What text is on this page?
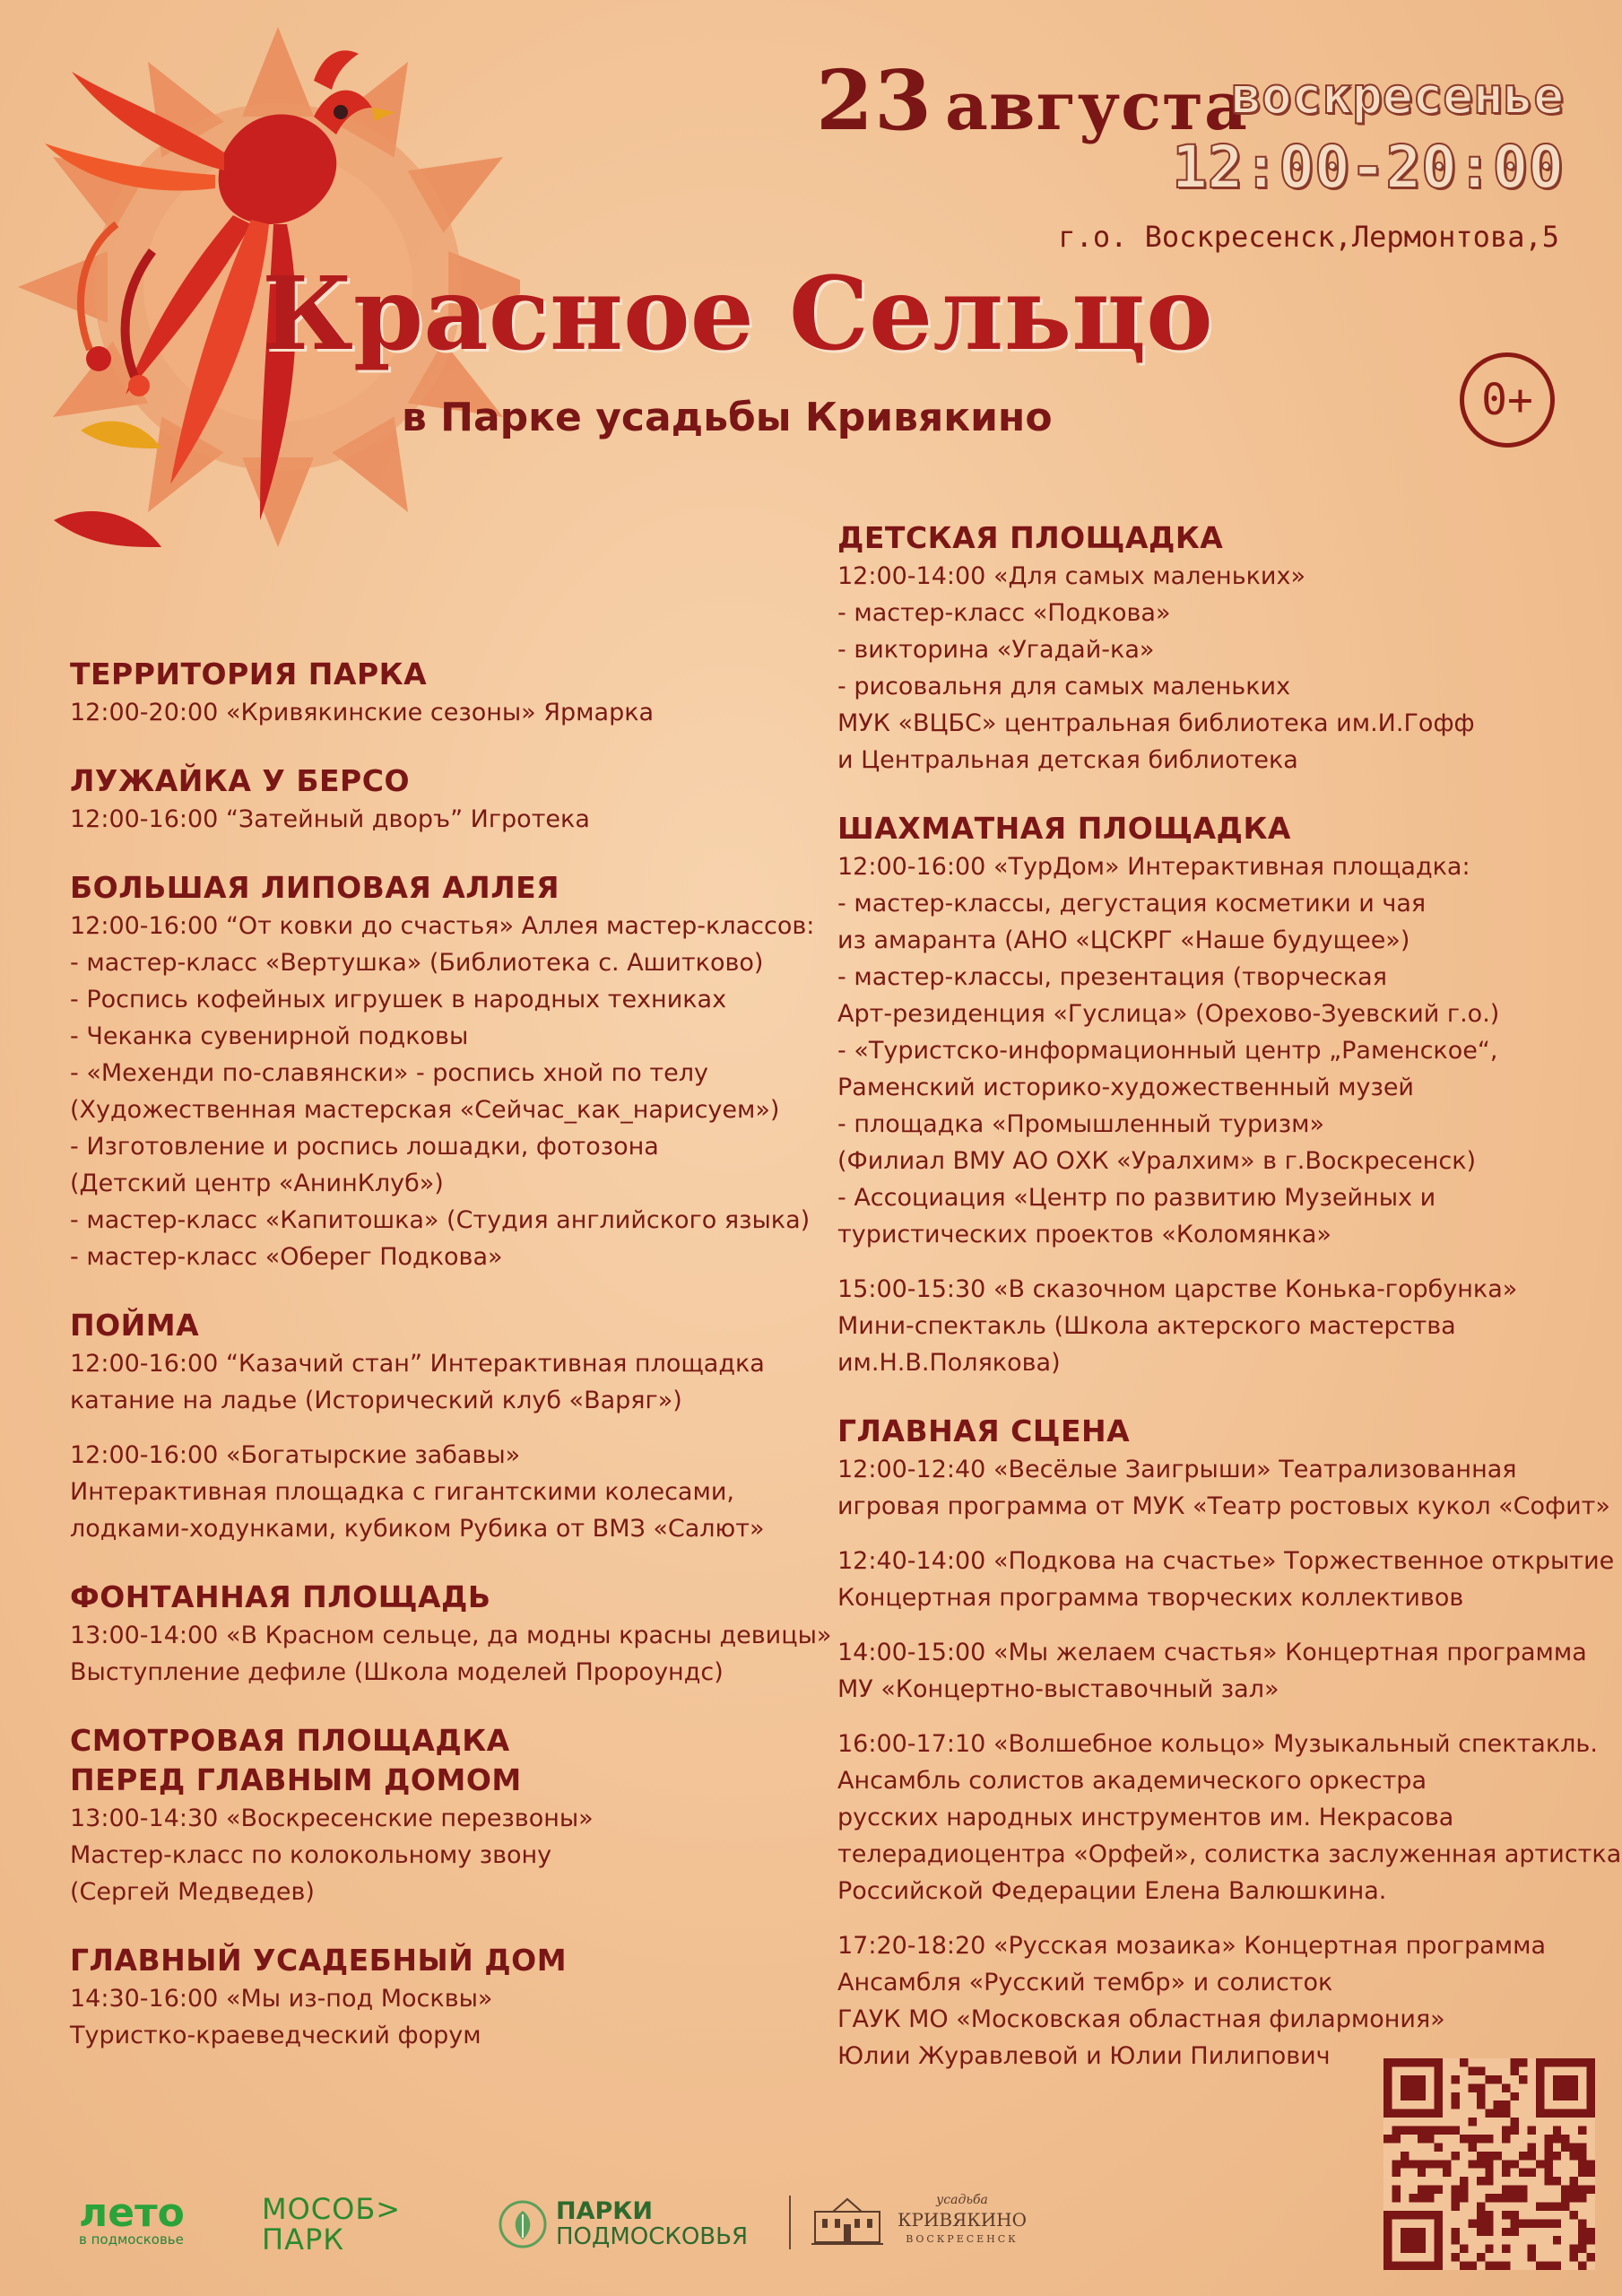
23 августа
воскресенье
12:00-20:00
г.о. Воскресенск,Лермонтова,5
Красное Сельцо
в Парке усадьбы Кривякино	0+
ТЕРРИТОРИЯ ПАРКА
12:00-20:00 «Кривякинские сезоны» Ярмарка
ЛУЖАЙКА У БЕРСО
12:00-16:00 “Затейный дворъ” Игротека
БОЛЬШАЯ ЛИПОВАЯ АЛЛЕЯ
12:00-16:00 “От ковки до счастья» Аллея мастер-классов:
- мастер-класс «Вертушка» (Библиотека с. Ашитково)
- Роспись кофейных игрушек в народных техниках
- Чеканка сувенирной подковы
- «Мехенди по-славянски» - роспись хной по телу
(Художественная мастерская «Сейчас_как_нарисуем»)
- Изготовление и роспись лошадки, фотозона
(Детский центр «АнинКлуб»)
- мастер-класс «Капитошка» (Студия английского языка)
- мастер-класс «Оберег Подкова»
ПОЙМА
12:00-16:00 “Казачий стан” Интерактивная площадка
катание на ладье (Исторический клуб «Варяг»)
12:00-16:00 «Богатырские забавы»
Интерактивная площадка с гигантскими колесами,
лодками-ходунками, кубиком Рубика от ВМЗ «Салют»
ФОНТАННАЯ ПЛОЩАДЬ
13:00-14:00 «В Красном сельце, да модны красны девицы»
Выступление дефиле (Школа моделей Пророундс)
СМОТРОВАЯ ПЛОЩАДКА
ПЕРЕД ГЛАВНЫМ ДОМОМ
13:00-14:30 «Воскресенские перезвоны»
Мастер-класс по колокольному звону
(Сергей Медведев)
ГЛАВНЫЙ УСАДЕБНЫЙ ДОМ
14:30-16:00 «Мы из-под Москвы»
Туристко-краеведческий форум
ДЕТСКАЯ ПЛОЩАДКА
12:00-14:00 «Для самых маленьких»
- мастер-класс «Подкова»
- викторина «Угадай-ка»
- рисовальня для самых маленьких
МУК «ВЦБС» центральная библиотека им.И.Гофф
и Центральная детская библиотека
ШАХМАТНАЯ ПЛОЩАДКА
12:00-16:00 «ТурДом» Интерактивная площадка:
- мастер-классы, дегустация косметики и чая
из амаранта (АНО «ЦСКРГ «Наше будущее»)
- мастер-классы, презентация (творческая
Арт-резиденция «Гуслица» (Орехово-Зуевский г.о.)
- «Туристско-информационный центр „Раменское“,
Раменский историко-художественный музей
- площадка «Промышленный туризм»
(Филиал ВМУ АО ОХК «Уралхим» в г.Воскресенск)
- Ассоциация «Центр по развитию Музейных и
туристических проектов «Коломянка»
15:00-15:30 «В сказочном царстве Конька-горбунка»
Мини-спектакль (Школа актерского мастерства
им.Н.В.Полякова)
ГЛАВНАЯ СЦЕНА
12:00-12:40 «Весёлые Заигрыши» Театрализованная
игровая программа от МУК «Театр ростовых кукол «Софит»
12:40-14:00 «Подкова на счастье» Торжественное открытие
Концертная программа творческих коллективов
14:00-15:00 «Мы желаем счастья» Концертная программа
МУ «Концертно-выставочный зал»
16:00-17:10 «Волшебное кольцо» Музыкальный спектакль.
Ансамбль солистов академического оркестра
русских народных инструментов им. Некрасова
телерадиоцентра «Орфей», солистка заслуженная артистка
Российской Федерации Елена Валюшкина.
17:20-18:20 «Русская мозаика» Концертная программа
Ансамбля «Русский тембр» и солисток
ГАУК МО «Московская областная филармония»
Юлии Журавлевой и Юлии Пилипович
лето
в подмосковье
МОСОБ>
ПАРК
ПАРКИ
ПОДМОСКОВЬЯ
усадьба
КРИВЯКИНО
ВОСКРЕСЕНСК
